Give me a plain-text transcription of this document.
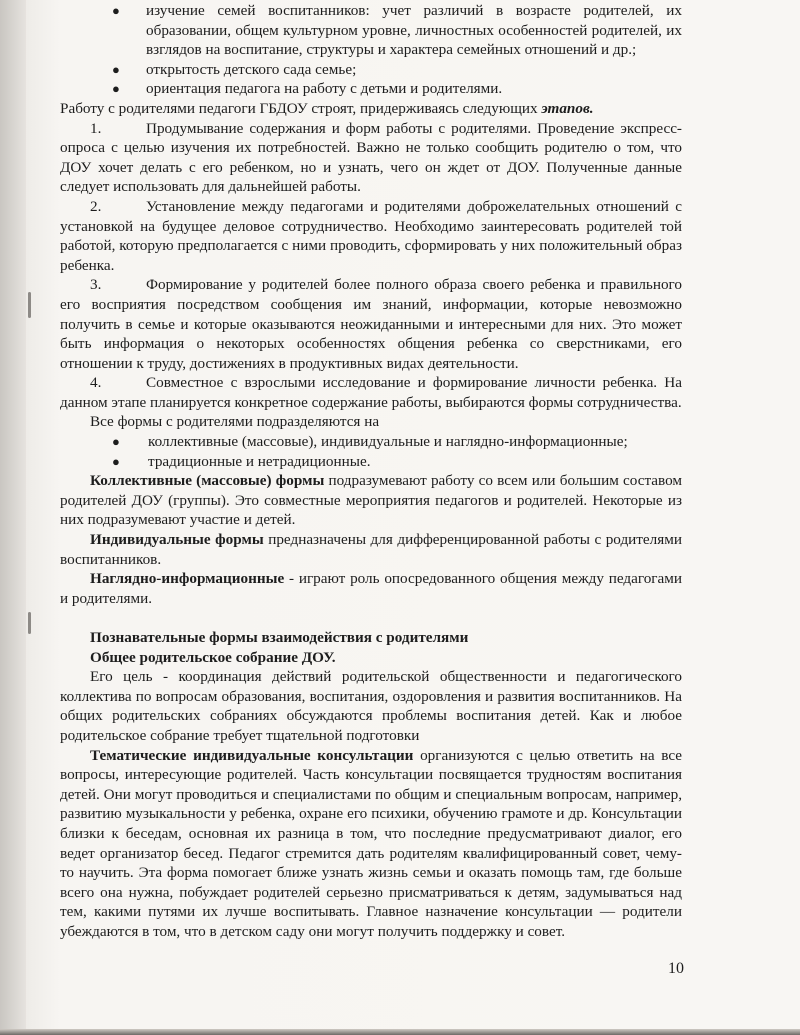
● изучение семей воспитанников: учет различий в возрасте родителей, их образовании, общем культурном уровне, личностных особенностей родителей, их взглядов на воспитание, структуры и характера семейных отношений и др.;
● открытость детского сада семье;
● ориентация педагога на работу с детьми и родителями.

Работу с родителями педагоги ГБДОУ строят, придерживаясь следующих этапов.

1.	Продумывание содержания и форм работы с родителями. Проведение экспресс-опроса с целью изучения их потребностей. Важно не только сообщить родителю о том, что ДОУ хочет делать с его ребенком, но и узнать, чего он ждет от ДОУ. Полученные данные следует использовать для дальнейшей работы.

2.	Установление между педагогами и родителями доброжелательных отношений с установкой на будущее деловое сотрудничество. Необходимо заинтересовать родителей той работой, которую предполагается с ними проводить, сформировать у них положительный образ ребенка.

3.	Формирование у родителей более полного образа своего ребенка и правильного его восприятия посредством сообщения им знаний, информации, которые невозможно получить в семье и которые оказываются неожиданными и интересными для них. Это может быть информация о некоторых особенностях общения ребенка со сверстниками, его отношении к труду, достижениях в продуктивных видах деятельности.

4.	Совместное с взрослыми исследование и формирование личности ребенка. На данном этапе планируется конкретное содержание работы, выбираются формы сотрудничества.

Все формы с родителями подразделяются на

● коллективные (массовые), индивидуальные и наглядно-информационные;
● традиционные и нетрадиционные.

Коллективные (массовые) формы подразумевают работу со всем или большим составом родителей ДОУ (группы). Это совместные мероприятия педагогов и родителей. Некоторые из них подразумевают участие и детей.

Индивидуальные формы предназначены для дифференцированной работы с родителями воспитанников.

Наглядно-информационные - играют роль опосредованного общения между педагогами и родителями.

Познавательные формы взаимодействия с родителями

Общее родительское собрание ДОУ.

Его цель - координация действий родительской общественности и педагогического коллектива по вопросам образования, воспитания, оздоровления и развития воспитанников. На общих родительских собраниях обсуждаются проблемы воспитания детей. Как и любое родительское собрание требует тщательной подготовки

Тематические индивидуальные консультации организуются с целью ответить на все вопросы, интересующие родителей. Часть консультации посвящается трудностям воспитания детей. Они могут проводиться и специалистами по общим и специальным вопросам, например, развитию музыкальности у ребенка, охране его психики, обучению грамоте и др. Консультации близки к беседам, основная их разница в том, что последние предусматривают диалог, его ведет организатор бесед. Педагог стремится дать родителям квалифицированный совет, чему-то научить. Эта форма помогает ближе узнать жизнь семьи и оказать помощь там, где больше всего она нужна, побуждает родителей серьезно присматриваться к детям, задумываться над тем, какими путями их лучше воспитывать. Главное назначение консультации — родители убеждаются в том, что в детском саду они могут получить поддержку и совет.

10
